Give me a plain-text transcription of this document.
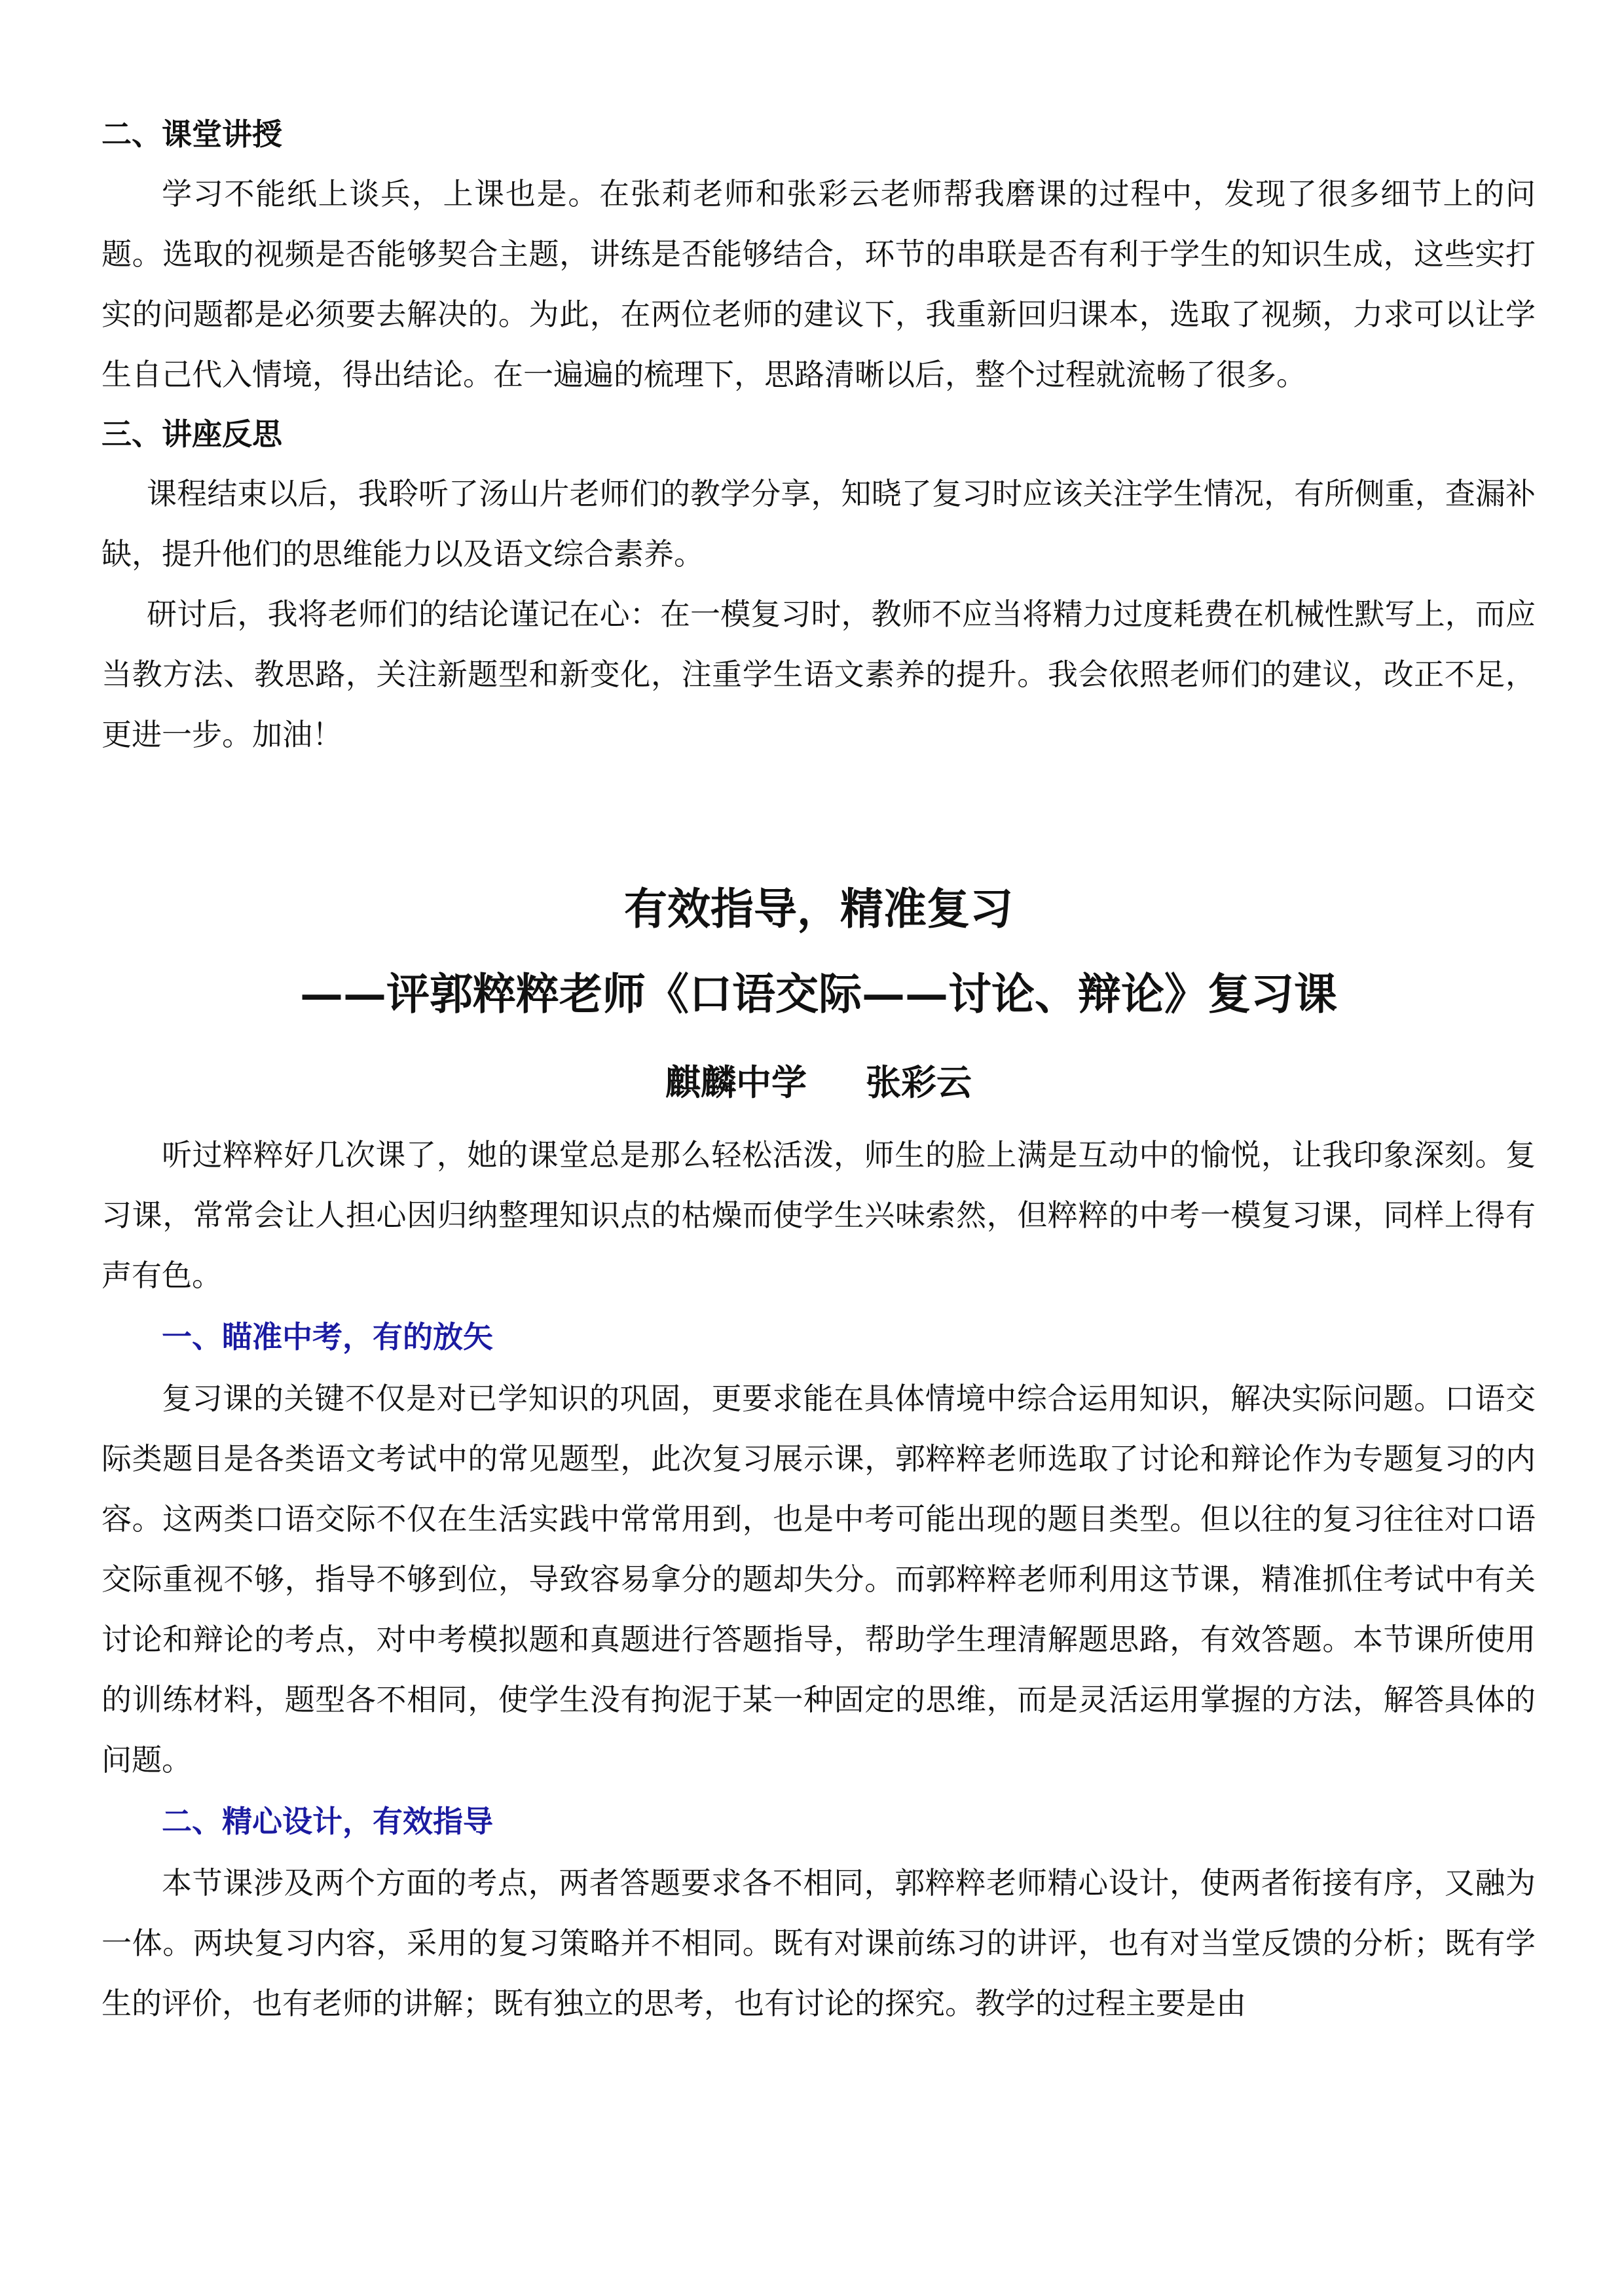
二、课堂讲授

学习不能纸上谈兵，上课也是。在张莉老师和张彩云老师帮我磨课的过程中，发现了很多细节上的问题。选取的视频是否能够契合主题，讲练是否能够结合，环节的串联是否有利于学生的知识生成，这些实打实的问题都是必须要去解决的。为此，在两位老师的建议下，我重新回归课本，选取了视频，力求可以让学生自己代入情境，得出结论。在一遍遍的梳理下，思路清晰以后，整个过程就流畅了很多。

三、讲座反思

课程结束以后，我聆听了汤山片老师们的教学分享，知晓了复习时应该关注学生情况，有所侧重，查漏补缺，提升他们的思维能力以及语文综合素养。

研讨后，我将老师们的结论谨记在心：在一模复习时，教师不应当将精力过度耗费在机械性默写上，而应当教方法、教思路，关注新题型和新变化，注重学生语文素养的提升。我会依照老师们的建议，改正不足，更进一步。加油！

有效指导，精准复习
——评郭粹粹老师《口语交际——讨论、辩论》复习课
麒麟中学 张彩云

听过粹粹好几次课了，她的课堂总是那么轻松活泼，师生的脸上满是互动中的愉悦，让我印象深刻。复习课，常常会让人担心因归纳整理知识点的枯燥而使学生兴味索然，但粹粹的中考一模复习课，同样上得有声有色。

一、瞄准中考，有的放矢

复习课的关键不仅是对已学知识的巩固，更要求能在具体情境中综合运用知识，解决实际问题。口语交际类题目是各类语文考试中的常见题型，此次复习展示课，郭粹粹老师选取了讨论和辩论作为专题复习的内容。这两类口语交际不仅在生活实践中常常用到，也是中考可能出现的题目类型。但以往的复习往往对口语交际重视不够，指导不够到位，导致容易拿分的题却失分。而郭粹粹老师利用这节课，精准抓住考试中有关讨论和辩论的考点，对中考模拟题和真题进行答题指导，帮助学生理清解题思路，有效答题。本节课所使用的训练材料，题型各不相同，使学生没有拘泥于某一种固定的思维，而是灵活运用掌握的方法，解答具体的问题。

二、精心设计，有效指导

本节课涉及两个方面的考点，两者答题要求各不相同，郭粹粹老师精心设计，使两者衔接有序，又融为一体。两块复习内容，采用的复习策略并不相同。既有对课前练习的讲评，也有对当堂反馈的分析；既有学生的评价，也有老师的讲解；既有独立的思考，也有讨论的探究。教学的过程主要是由
